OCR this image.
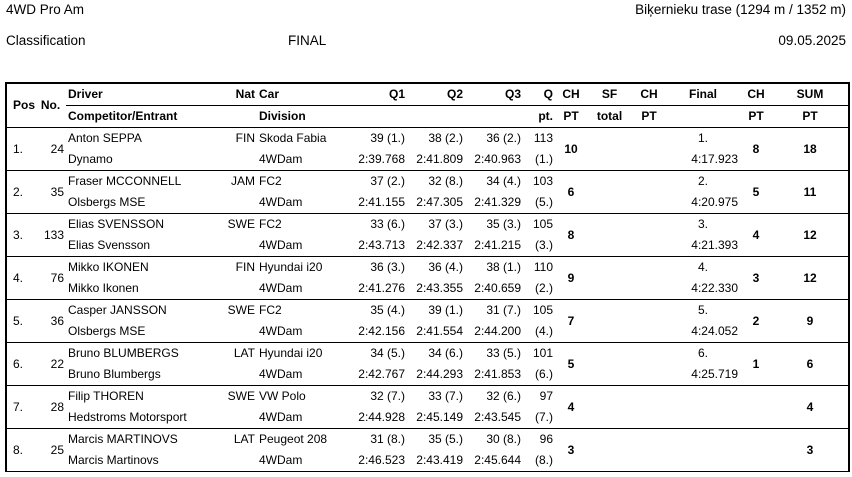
4WD Pro Am	Biķernieku trase (1294 m / 1352 m)
Classification	FINAL	09.05.2025
Pos	No.	Driver	Nat	Car	Q1	Q2	Q3	Q	CH	SF	CH	Final	CH	SUM
		Competitor/Entrant		Division				pt.	PT	total	PT		PT	PT
1.	24	Anton SEPPA	FIN	Skoda Fabia	39 (1.)	38 (2.)	36 (2.)	113	10			1.	8	18
		Dynamo		4WDam	2:39.768	2:41.809	2:40.963	(1.)				4:17.923		
2.	35	Fraser MCCONNELL	JAM	FC2	37 (2.)	32 (8.)	34 (4.)	103	6			2.	5	11
		Olsbergs MSE		4WDam	2:41.155	2:47.305	2:41.329	(5.)				4:20.975		
3.	133	Elias SVENSSON	SWE	FC2	33 (6.)	37 (3.)	35 (3.)	105	8			3.	4	12
		Elias Svensson		4WDam	2:43.713	2:42.337	2:41.215	(3.)				4:21.393		
4.	76	Mikko IKONEN	FIN	Hyundai i20	36 (3.)	36 (4.)	38 (1.)	110	9			4.	3	12
		Mikko Ikonen		4WDam	2:41.276	2:43.355	2:40.659	(2.)				4:22.330		
5.	36	Casper JANSSON	SWE	FC2	35 (4.)	39 (1.)	31 (7.)	105	7			5.	2	9
		Olsbergs MSE		4WDam	2:42.156	2:41.554	2:44.200	(4.)				4:24.052		
6.	22	Bruno BLUMBERGS	LAT	Hyundai i20	34 (5.)	34 (6.)	33 (5.)	101	5			6.	1	6
		Bruno Blumbergs		4WDam	2:42.767	2:44.293	2:41.853	(6.)				4:25.719		
7.	28	Filip THOREN	SWE	VW Polo	32 (7.)	33 (7.)	32 (6.)	97	4					4
		Hedstroms Motorsport		4WDam	2:44.928	2:45.149	2:43.545	(7.)						
8.	25	Marcis MARTINOVS	LAT	Peugeot 208	31 (8.)	35 (5.)	30 (8.)	96	3					3
		Marcis Martinovs		4WDam	2:46.523	2:43.419	2:45.644	(8.)						
